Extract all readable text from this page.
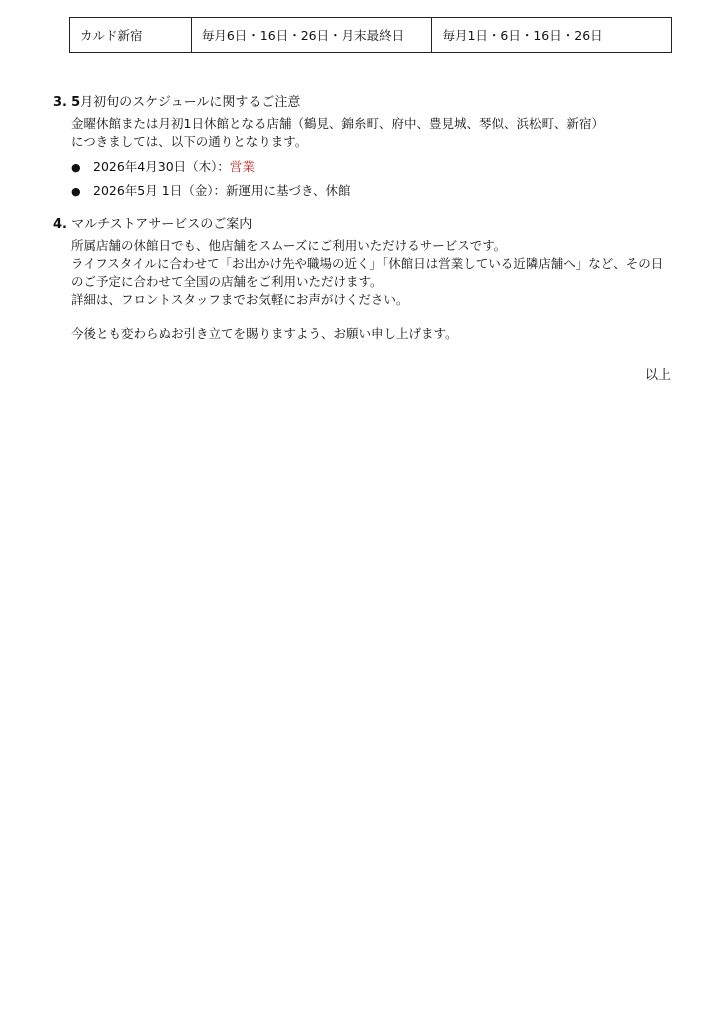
カルド新宿	毎月6日・16日・26日・月末最終日	毎月1日・6日・16日・26日
3. 5月初旬のスケジュールに関するご注意
金曜休館または月初1日休館となる店舗（鶴見、錦糸町、府中、豊見城、琴似、浜松町、新宿）
につきましては、以下の通りとなります。
● 2026年4月30日（木）：営業
● 2026年5月 1日（金）：新運用に基づき、休館
4. マルチストアサービスのご案内
所属店舗の休館日でも、他店舗をスムーズにご利用いただけるサービスです。
ライフスタイルに合わせて「お出かけ先や職場の近く」「休館日は営業している近隣店舗へ」など、その日
のご予定に合わせて全国の店舗をご利用いただけます。
詳細は、フロントスタッフまでお気軽にお声がけください。
今後とも変わらぬお引き立てを賜りますよう、お願い申し上げます。
以上
